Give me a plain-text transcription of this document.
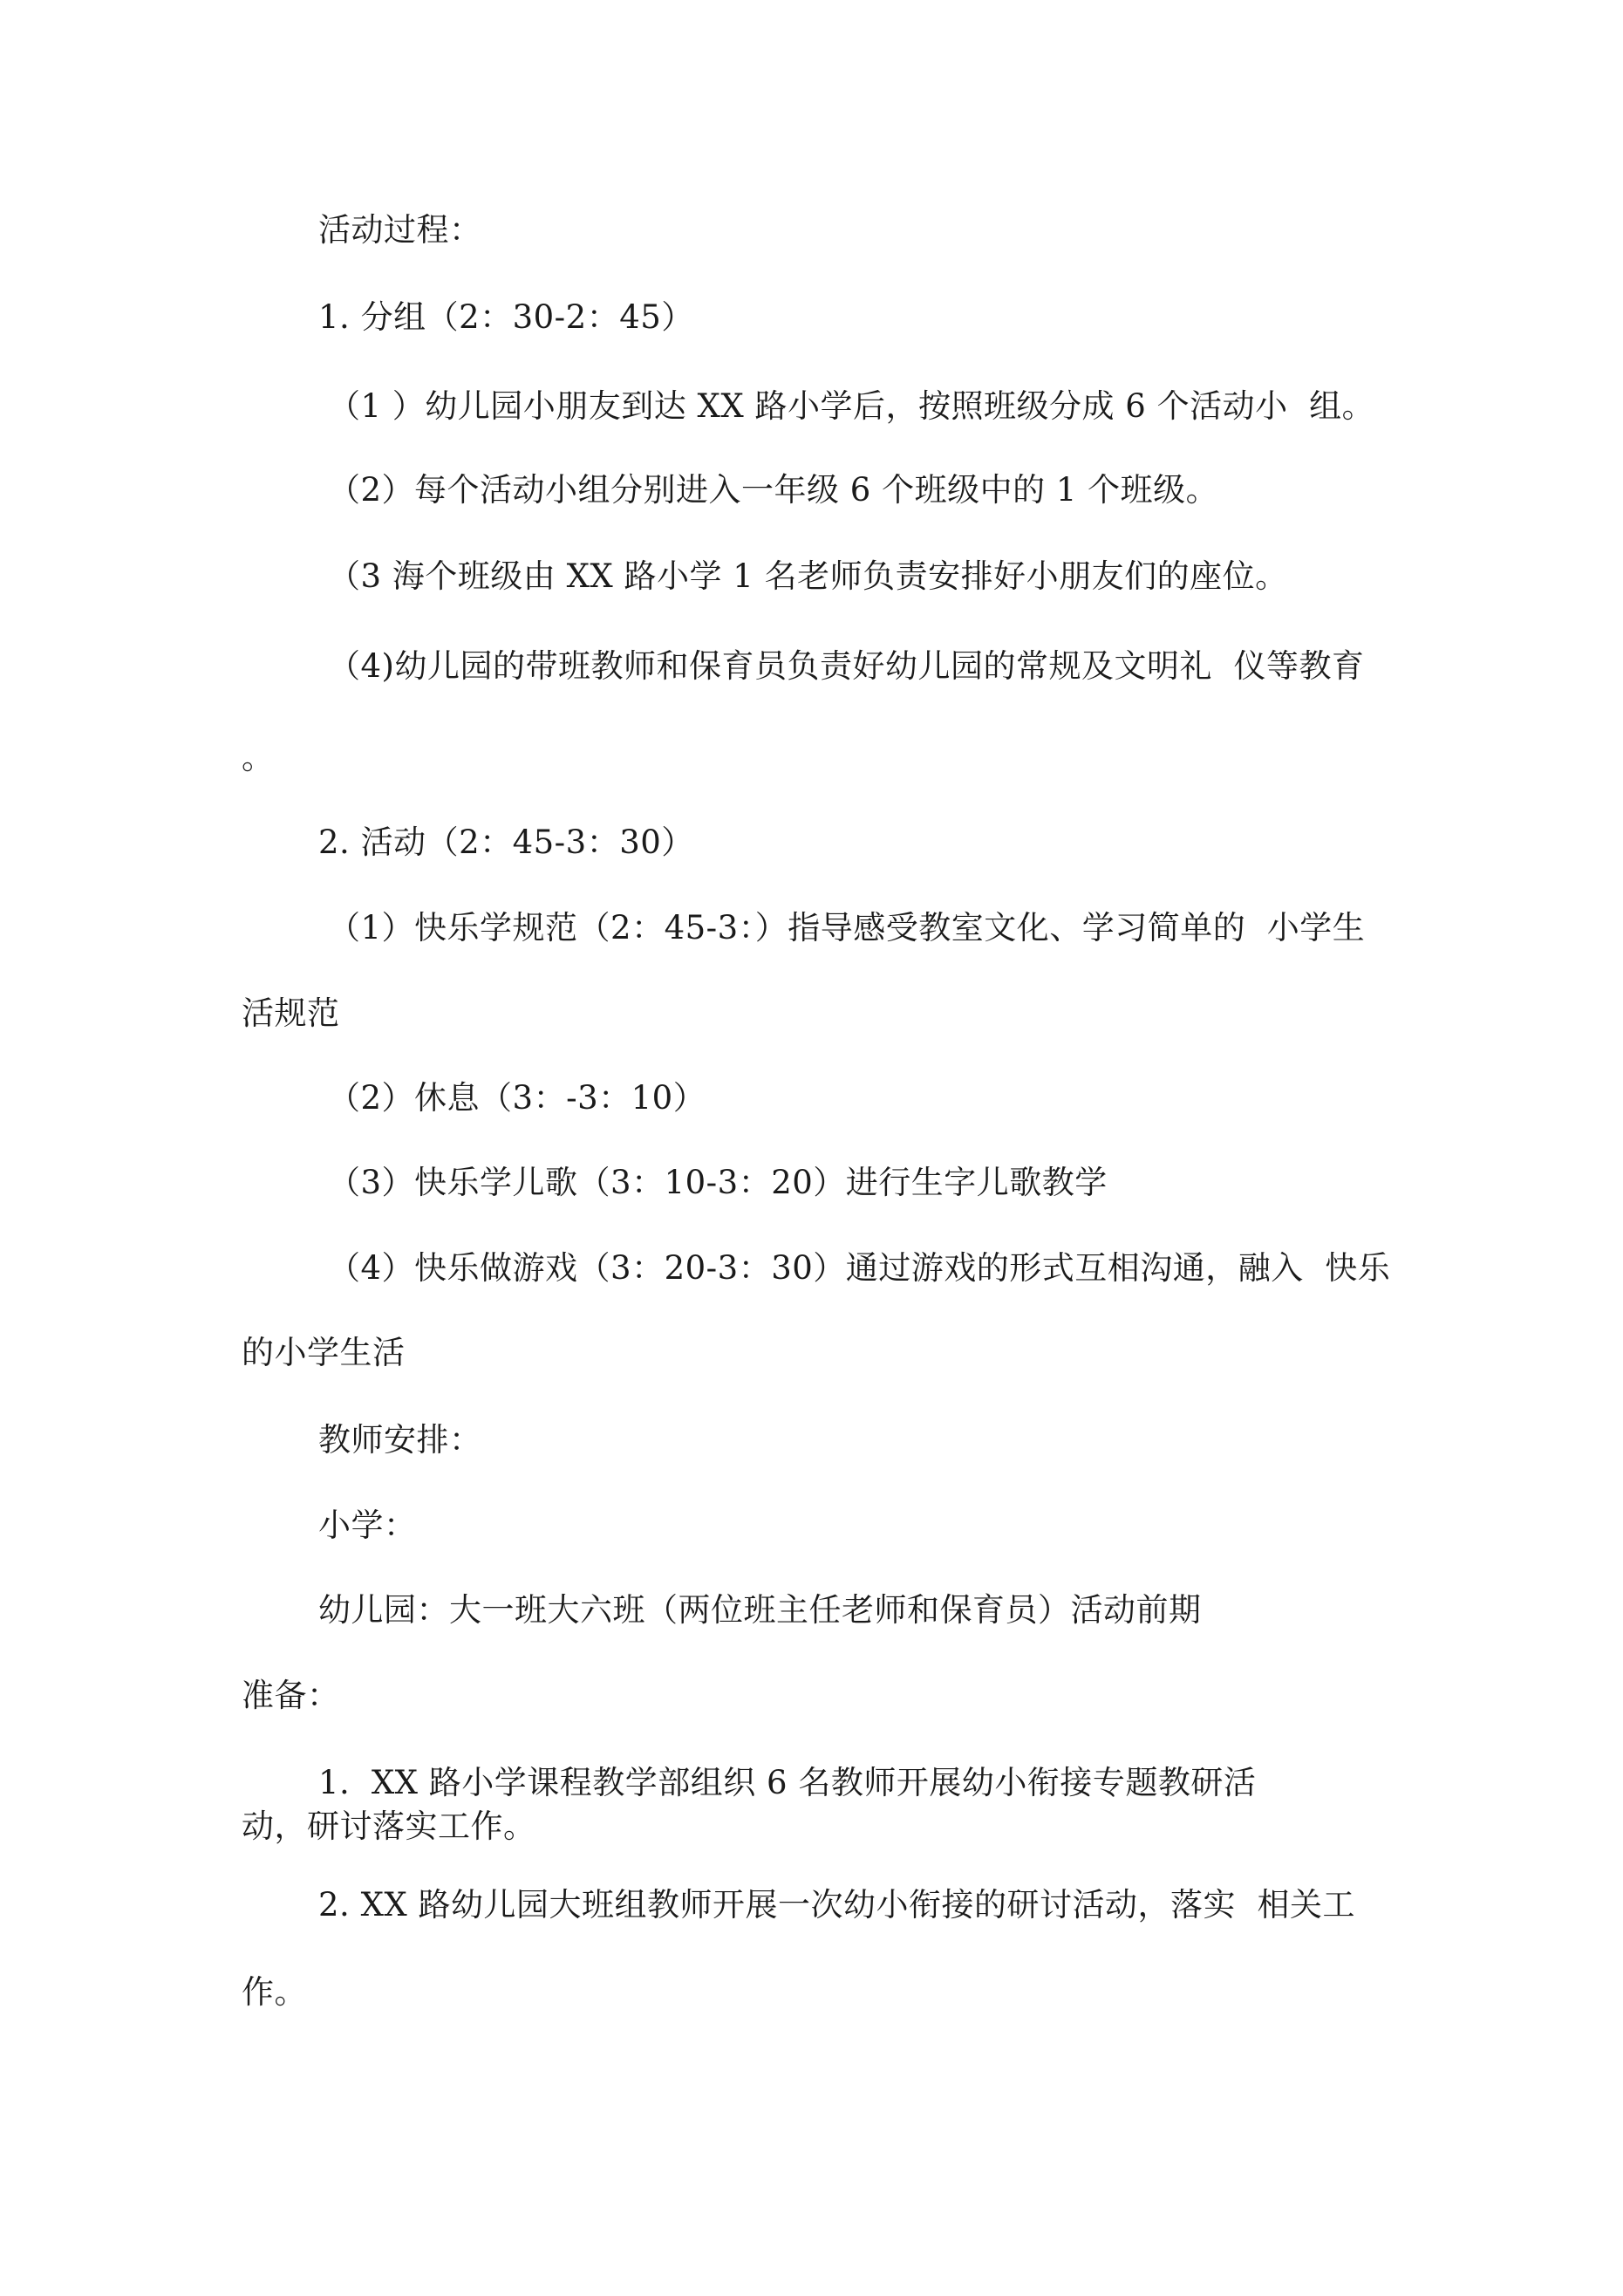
活动过程：
1. 分组（2：30-2：45）
（1 ）幼儿园小朋友到达 XX 路小学后，按照班级分成 6 个活动小  组。
（2）每个活动小组分别进入一年级 6 个班级中的 1 个班级。
（3 海个班级由 XX 路小学 1 名老师负责安排好小朋友们的座位。
（4)幼儿园的带班教师和保育员负责好幼儿园的常规及文明礼  仪等教育
。
2. 活动（2：45-3：30）
（1）快乐学规范（2：45-3：）指导感受教室文化、学习简单的  小学生
活规范
（2）休息（3：-3：10）
（3）快乐学儿歌（3：10-3：20）进行生字儿歌教学
（4）快乐做游戏（3：20-3：30）通过游戏的形式互相沟通，融入  快乐
的小学生活
教师安排：
小学：
幼儿园：大一班大六班（两位班主任老师和保育员）活动前期
准备：
1.  XX 路小学课程教学部组织 6 名教师开展幼小衔接专题教研活
动，研讨落实工作。
2. XX 路幼儿园大班组教师开展一次幼小衔接的研讨活动，落实  相关工
作。
